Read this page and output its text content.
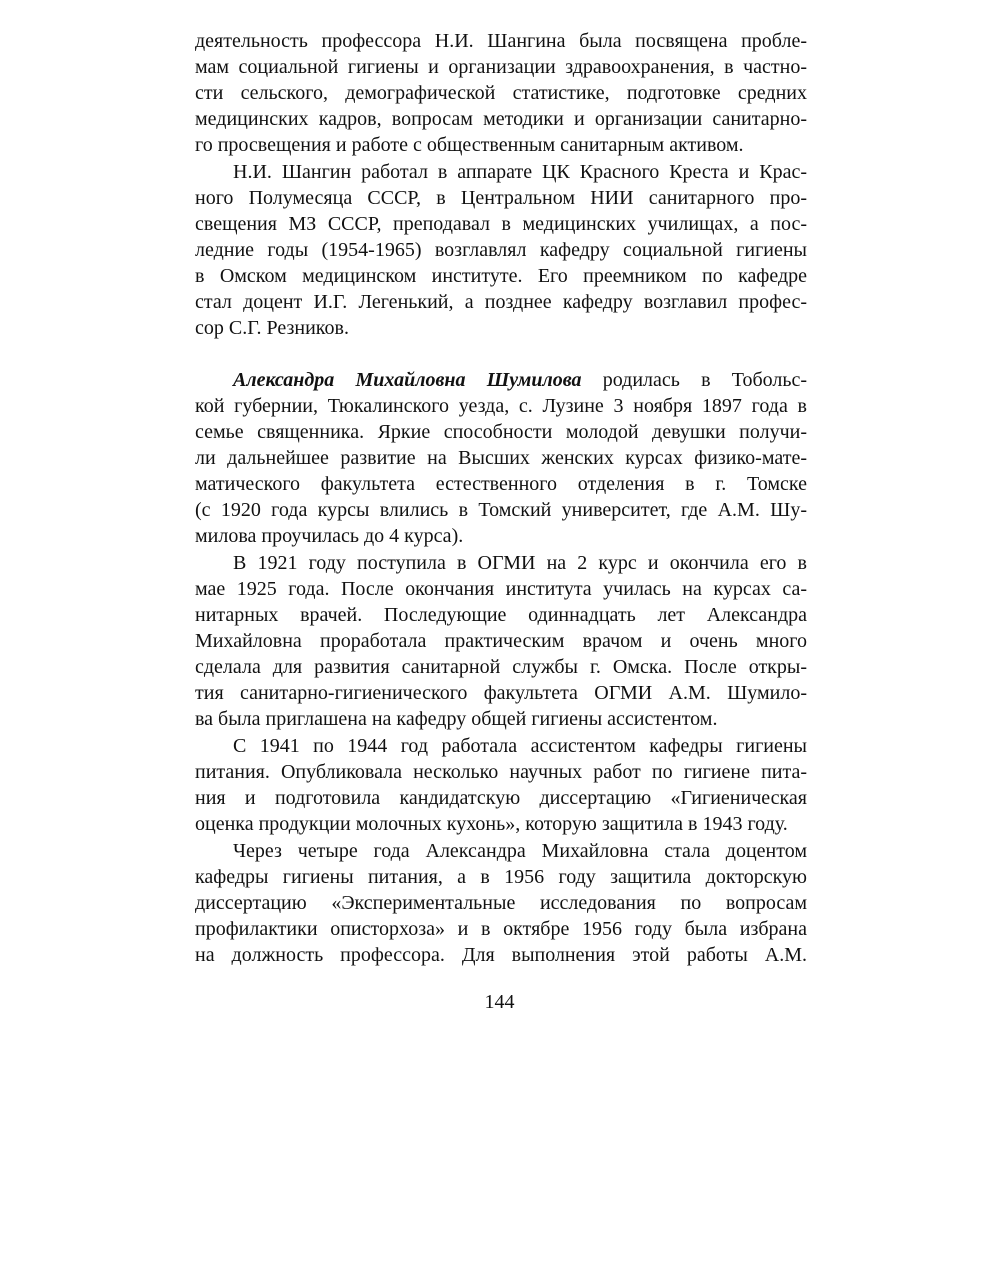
деятельность профессора Н.И. Шангина была посвящена пробле-
мам социальной гигиены и организации здравоохранения, в частно-
сти сельского, демографической статистике, подготовке средних
медицинских кадров, вопросам методики и организации санитарно-
го просвещения и работе с общественным санитарным активом.
Н.И. Шангин работал в аппарате ЦК Красного Креста и Крас-
ного Полумесяца СССР, в Центральном НИИ санитарного про-
свещения МЗ СССР, преподавал в медицинских училищах, а пос-
ледние годы (1954-1965) возглавлял кафедру социальной гигиены
в Омском медицинском институте. Его преемником по кафедре
стал доцент И.Г. Легенький, а позднее кафедру возглавил профес-
сор С.Г. Резников.
Александра Михайловна Шумилова родилась в Тобольс-
кой губернии, Тюкалинского уезда, с. Лузине 3 ноября 1897 года в
семье священника. Яркие способности молодой девушки получи-
ли дальнейшее развитие на Высших женских курсах физико-мате-
матического факультета естественного отделения в г. Томске
(с 1920 года курсы влились в Томский университет, где А.М. Шу-
милова проучилась до 4 курса).
В 1921 году поступила в ОГМИ на 2 курс и окончила его в
мае 1925 года. После окончания института училась на курсах са-
нитарных врачей. Последующие одиннадцать лет Александра
Михайловна проработала практическим врачом и очень много
сделала для развития санитарной службы г. Омска. После откры-
тия санитарно-гигиенического факультета ОГМИ А.М. Шумило-
ва была приглашена на кафедру общей гигиены ассистентом.
С 1941 по 1944 год работала ассистентом кафедры гигиены
питания. Опубликовала несколько научных работ по гигиене пита-
ния и подготовила кандидатскую диссертацию «Гигиеническая
оценка продукции молочных кухонь», которую защитила в 1943 году.
Через четыре года Александра Михайловна стала доцентом
кафедры гигиены питания, а в 1956 году защитила докторскую
диссертацию «Экспериментальные исследования по вопросам
профилактики описторхоза» и в октябре 1956 году была избрана
на должность профессора. Для выполнения этой работы А.М.
144
